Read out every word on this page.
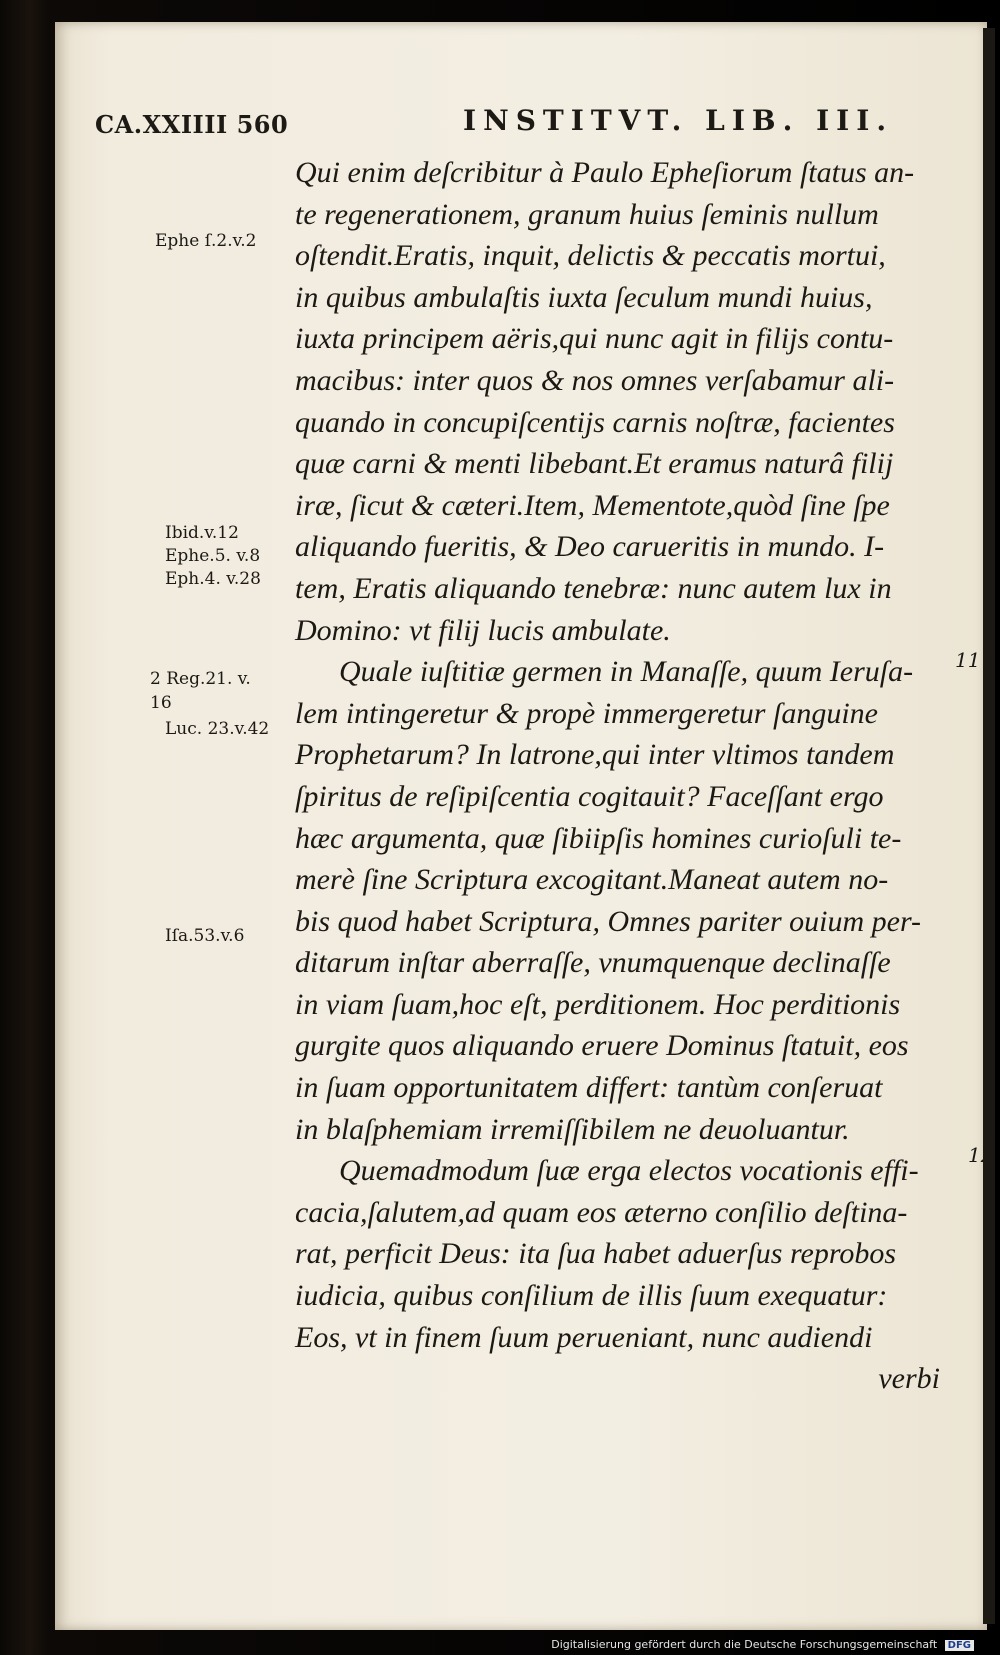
CA.XXIIII 560	INSTITVT. LIB. III.
Qui enim deſcribitur à Paulo Epheſiorum ſtatus an-
te regenerationem, granum huius ſeminis nullum
oſtendit.Eratis, inquit, delictis & peccatis mortui,
in quibus ambulaſtis iuxta ſeculum mundi huius,
iuxta principem aëris,qui nunc agit in filijs contu-
macibus: inter quos & nos omnes verſabamur ali-
quando in concupiſcentijs carnis noſtræ, facientes
quæ carni & menti libebant.Et eramus naturâ filij
iræ, ſicut & cæteri.Item, Mementote,quòd ſine ſpe
aliquando fueritis, & Deo carueritis in mundo. I-
tem, Eratis aliquando tenebræ: nunc autem lux in
Domino: vt filij lucis ambulate.
Quale iuſtitiæ germen in Manaſſe, quum Ieruſa-
lem intingeretur & propè immergeretur ſanguine
Prophetarum? In latrone,qui inter vltimos tandem
ſpiritus de reſipiſcentia cogitauit? Faceſſant ergo
hæc argumenta, quæ ſibiipſis homines curioſuli te-
merè ſine Scriptura excogitant.Maneat autem no-
bis quod habet Scriptura, Omnes pariter ouium per-
ditarum inſtar aberraſſe, vnumquenque declinaſſe
in viam ſuam,hoc eſt, perditionem. Hoc perditionis
gurgite quos aliquando eruere Dominus ſtatuit, eos
in ſuam opportunitatem differt: tantùm conſeruat
in blaſphemiam irremiſſibilem ne deuoluantur.
Quemadmodum ſuæ erga electos vocationis effi-
cacia,ſalutem,ad quam eos æterno conſilio deſtina-
rat, perficit Deus: ita ſua habet aduerſus reprobos
iudicia, quibus conſilium de illis ſuum exequatur:
Eos, vt in finem ſuum perueniant, nunc audiendi
verbi
Ephe ſ.2.v.2
Ibid.v.12
Ephe.5. v.8
Eph.4. v.28
2 Reg.21. v.
16
Luc. 23.v.42
Iſa.53.v.6
11
12
Digitalisierung gefördert durch die Deutsche Forschungsgemeinschaft DFG
